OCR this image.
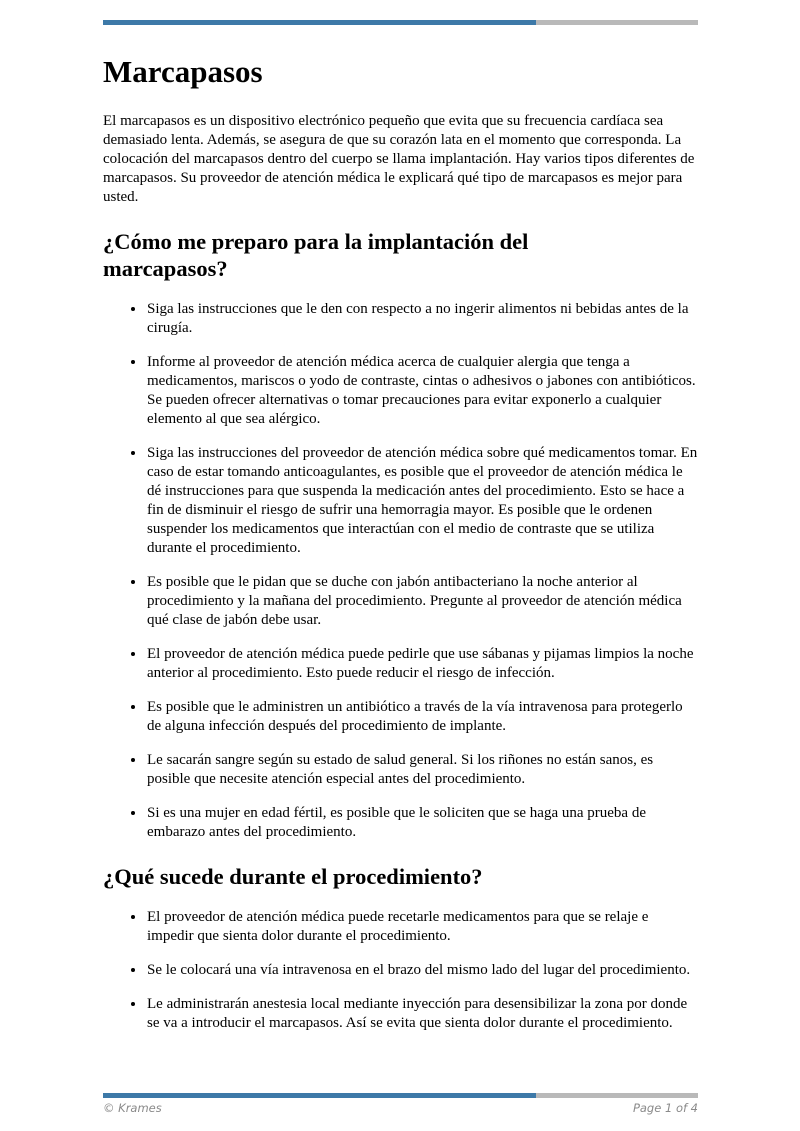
Marcapasos

El marcapasos es un dispositivo electrónico pequeño que evita que su frecuencia cardíaca sea demasiado lenta. Además, se asegura de que su corazón lata en el momento que corresponda. La colocación del marcapasos dentro del cuerpo se llama implantación. Hay varios tipos diferentes de marcapasos. Su proveedor de atención médica le explicará qué tipo de marcapasos es mejor para usted.

¿Cómo me preparo para la implantación del marcapasos?
• Siga las instrucciones que le den con respecto a no ingerir alimentos ni bebidas antes de la cirugía.
• Informe al proveedor de atención médica acerca de cualquier alergia que tenga a medicamentos, mariscos o yodo de contraste, cintas o adhesivos o jabones con antibióticos. Se pueden ofrecer alternativas o tomar precauciones para evitar exponerlo a cualquier elemento al que sea alérgico.
• Siga las instrucciones del proveedor de atención médica sobre qué medicamentos tomar. En caso de estar tomando anticoagulantes, es posible que el proveedor de atención médica le dé instrucciones para que suspenda la medicación antes del procedimiento. Esto se hace a fin de disminuir el riesgo de sufrir una hemorragia mayor. Es posible que le ordenen suspender los medicamentos que interactúan con el medio de contraste que se utiliza durante el procedimiento.
• Es posible que le pidan que se duche con jabón antibacteriano la noche anterior al procedimiento y la mañana del procedimiento. Pregunte al proveedor de atención médica qué clase de jabón debe usar.
• El proveedor de atención médica puede pedirle que use sábanas y pijamas limpios la noche anterior al procedimiento. Esto puede reducir el riesgo de infección.
• Es posible que le administren un antibiótico a través de la vía intravenosa para protegerlo de alguna infección después del procedimiento de implante.
• Le sacarán sangre según su estado de salud general. Si los riñones no están sanos, es posible que necesite atención especial antes del procedimiento.
• Si es una mujer en edad fértil, es posible que le soliciten que se haga una prueba de embarazo antes del procedimiento.
¿Qué sucede durante el procedimiento?
• El proveedor de atención médica puede recetarle medicamentos para que se relaje e impedir que sienta dolor durante el procedimiento.
• Se le colocará una vía intravenosa en el brazo del mismo lado del lugar del procedimiento.
• Le administrarán anestesia local mediante inyección para desensibilizar la zona por donde se va a introducir el marcapasos. Así se evita que sienta dolor durante el procedimiento.
© Krames	Page 1 of 4
